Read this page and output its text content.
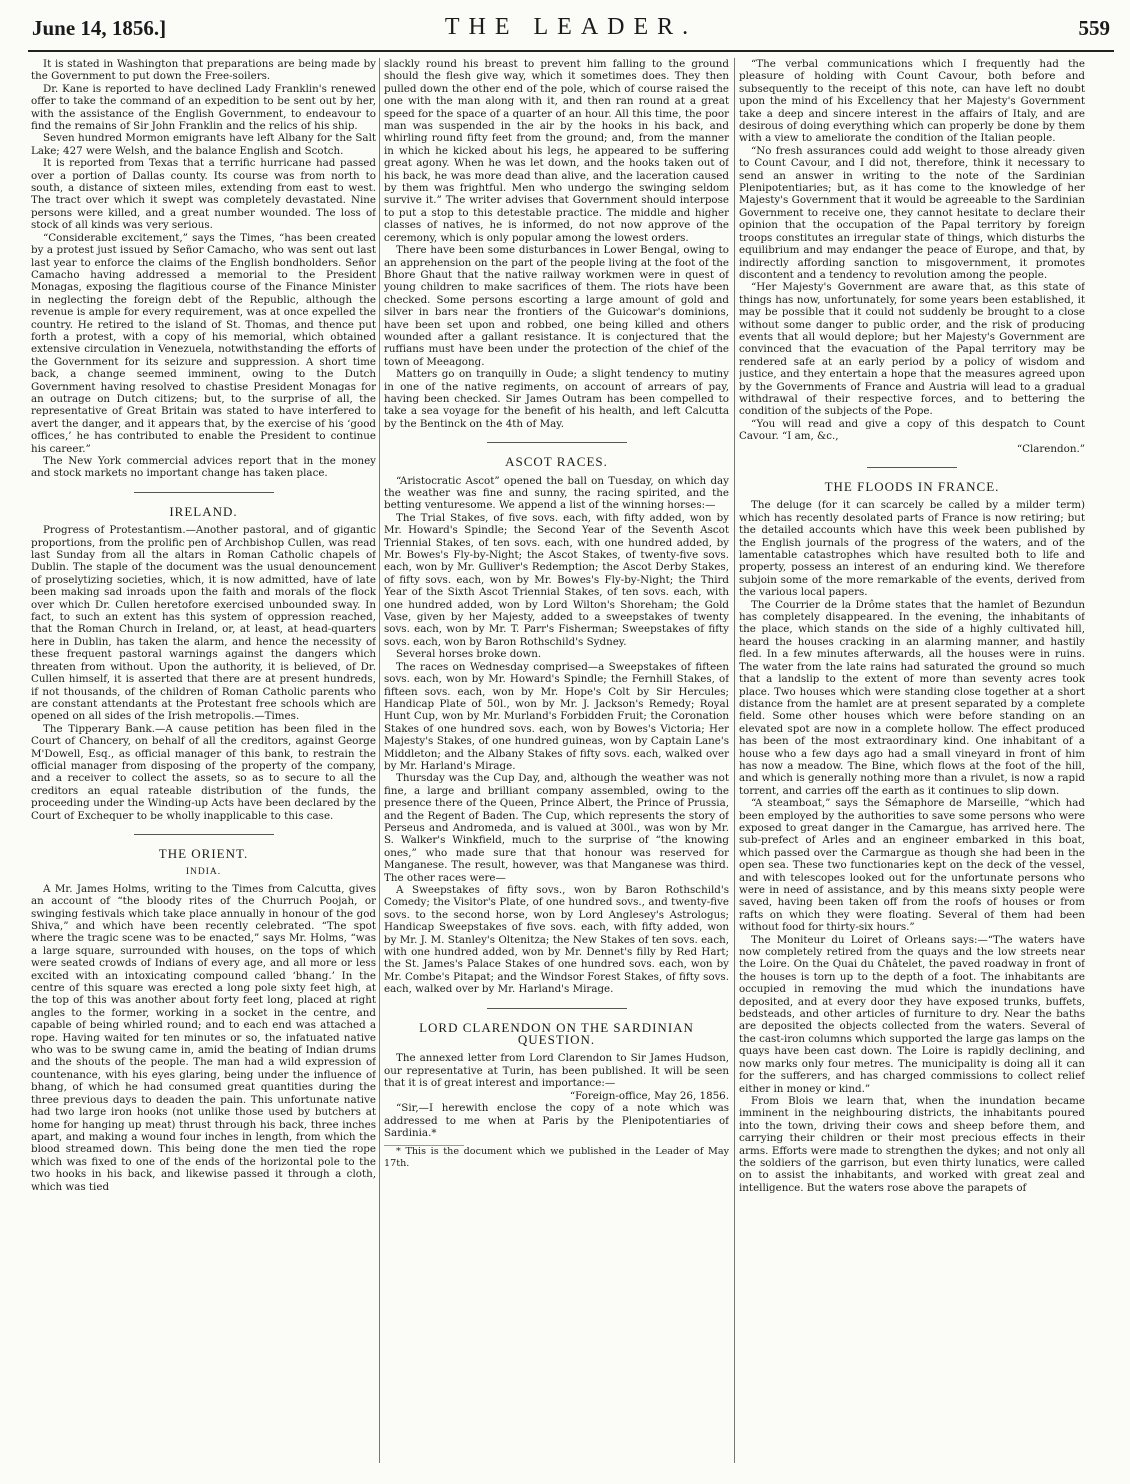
June 14, 1856.]	THE LEADER.	559

It is stated in Washington that preparations are being made by the Government to put down the Free-soilers.

Dr. Kane is reported to have declined Lady Franklin's renewed offer to take the command of an expedition to be sent out by her, with the assistance of the English Government, to endeavour to find the remains of Sir John Franklin and the relics of his ship.

Seven hundred Mormon emigrants have left Albany for the Salt Lake; 427 were Welsh, and the balance English and Scotch.

It is reported from Texas that a terrific hurricane had passed over a portion of Dallas county. Its course was from north to south, a distance of sixteen miles, extending from east to west. The tract over which it swept was completely devastated. Nine persons were killed, and a great number wounded. The loss of stock of all kinds was very serious.

“Considerable excitement,” says the Times, “has been created by a protest just issued by Señor Camacho, who was sent out last last year to enforce the claims of the English bondholders. Señor Camacho having addressed a memorial to the President Monagas, exposing the flagitious course of the Finance Minister in neglecting the foreign debt of the Republic, although the revenue is ample for every requirement, was at once expelled the country. He retired to the island of St. Thomas, and thence put forth a protest, with a copy of his memorial, which obtained extensive circulation in Venezuela, notwithstanding the efforts of the Government for its seizure and suppression. A short time back, a change seemed imminent, owing to the Dutch Government having resolved to chastise President Monagas for an outrage on Dutch citizens; but, to the surprise of all, the representative of Great Britain was stated to have interfered to avert the danger, and it appears that, by the exercise of his ‘good offices,’ he has contributed to enable the President to continue his career.”

The New York commercial advices report that in the money and stock markets no important change has taken place.

IRELAND.

Progress of Protestantism.—Another pastoral, and of gigantic proportions, from the prolific pen of Archbishop Cullen, was read last Sunday from all the altars in Roman Catholic chapels of Dublin. The staple of the document was the usual denouncement of proselytizing societies, which, it is now admitted, have of late been making sad inroads upon the faith and morals of the flock over which Dr. Cullen heretofore exercised unbounded sway. In fact, to such an extent has this system of oppression reached, that the Roman Church in Ireland, or, at least, at head-quarters here in Dublin, has taken the alarm, and hence the necessity of these frequent pastoral warnings against the dangers which threaten from without. Upon the authority, it is believed, of Dr. Cullen himself, it is asserted that there are at present hundreds, if not thousands, of the children of Roman Catholic parents who are constant attendants at the Protestant free schools which are opened on all sides of the Irish metropolis.—Times.

The Tipperary Bank.—A cause petition has been filed in the Court of Chancery, on behalf of all the creditors, against George M'Dowell, Esq., as official manager of this bank, to restrain the official manager from disposing of the property of the company, and a receiver to collect the assets, so as to secure to all the creditors an equal rateable distribution of the funds, the proceeding under the Winding-up Acts have been declared by the Court of Exchequer to be wholly inapplicable to this case.

THE ORIENT.
INDIA.

A Mr. James Holms, writing to the Times from Calcutta, gives an account of “the bloody rites of the Churruch Poojah, or swinging festivals which take place annually in honour of the god Shiva,” and which have been recently celebrated. “The spot where the tragic scene was to be enacted,” says Mr. Holms, “was a large square, surrounded with houses, on the tops of which were seated crowds of Indians of every age, and all more or less excited with an intoxicating compound called ‘bhang.’ In the centre of this square was erected a long pole sixty feet high, at the top of this was another about forty feet long, placed at right angles to the former, working in a socket in the centre, and capable of being whirled round; and to each end was attached a rope. Having waited for ten minutes or so, the infatuated native who was to be swung came in, amid the beating of Indian drums and the shouts of the people. The man had a wild expression of countenance, with his eyes glaring, being under the influence of bhang, of which he had consumed great quantities during the three previous days to deaden the pain. This unfortunate native had two large iron hooks (not unlike those used by butchers at home for hanging up meat) thrust through his back, three inches apart, and making a wound four inches in length, from which the blood streamed down. This being done the men tied the rope which was fixed to one of the ends of the horizontal pole to the two hooks in his back, and likewise passed it through a cloth, which was tied

slackly round his breast to prevent him falling to the ground should the flesh give way, which it sometimes does. They then pulled down the other end of the pole, which of course raised the one with the man along with it, and then ran round at a great speed for the space of a quarter of an hour. All this time, the poor man was suspended in the air by the hooks in his back, and whirling round fifty feet from the ground; and, from the manner in which he kicked about his legs, he appeared to be suffering great agony. When he was let down, and the hooks taken out of his back, he was more dead than alive, and the laceration caused by them was frightful. Men who undergo the swinging seldom survive it.” The writer advises that Government should interpose to put a stop to this detestable practice. The middle and higher classes of natives, he is informed, do not now approve of the ceremony, which is only popular among the lowest orders.

There have been some disturbances in Lower Bengal, owing to an apprehension on the part of the people living at the foot of the Bhore Ghaut that the native railway workmen were in quest of young children to make sacrifices of them. The riots have been checked. Some persons escorting a large amount of gold and silver in bars near the frontiers of the Guicowar's dominions, have been set upon and robbed, one being killed and others wounded after a gallant resistance. It is conjectured that the ruffians must have been under the protection of the chief of the town of Meeagong.

Matters go on tranquilly in Oude; a slight tendency to mutiny in one of the native regiments, on account of arrears of pay, having been checked. Sir James Outram has been compelled to take a sea voyage for the benefit of his health, and left Calcutta by the Bentinck on the 4th of May.

ASCOT RACES.

“Aristocratic Ascot” opened the ball on Tuesday, on which day the weather was fine and sunny, the racing spirited, and the betting venturesome. We append a list of the winning horses:—

The Trial Stakes, of five sovs. each, with fifty added, won by Mr. Howard's Spindle; the Second Year of the Seventh Ascot Triennial Stakes, of ten sovs. each, with one hundred added, by Mr. Bowes's Fly-by-Night; the Ascot Stakes, of twenty-five sovs. each, won by Mr. Gulliver's Redemption; the Ascot Derby Stakes, of fifty sovs. each, won by Mr. Bowes's Fly-by-Night; the Third Year of the Sixth Ascot Triennial Stakes, of ten sovs. each, with one hundred added, won by Lord Wilton's Shoreham; the Gold Vase, given by her Majesty, added to a sweepstakes of twenty sovs. each, won by Mr. T. Parr's Fisherman; Sweepstakes of fifty sovs. each, won by Baron Rothschild's Sydney.

Several horses broke down.

The races on Wednesday comprised—a Sweepstakes of fifteen sovs. each, won by Mr. Howard's Spindle; the Fernhill Stakes, of fifteen sovs. each, won by Mr. Hope's Colt by Sir Hercules; Handicap Plate of 50l., won by Mr. J. Jackson's Remedy; Royal Hunt Cup, won by Mr. Murland's Forbidden Fruit; the Coronation Stakes of one hundred sovs. each, won by Bowes's Victoria; Her Majesty's Stakes, of one hundred guineas, won by Captain Lane's Middleton; and the Albany Stakes of fifty sovs. each, walked over by Mr. Harland's Mirage.

Thursday was the Cup Day, and, although the weather was not fine, a large and brilliant company assembled, owing to the presence there of the Queen, Prince Albert, the Prince of Prussia, and the Regent of Baden. The Cup, which represents the story of Perseus and Andromeda, and is valued at 300l., was won by Mr. S. Walker's Winkfield, much to the surprise of “the knowing ones,” who made sure that that honour was reserved for Manganese. The result, however, was that Manganese was third. The other races were—

A Sweepstakes of fifty sovs., won by Baron Rothschild's Comedy; the Visitor's Plate, of one hundred sovs., and twenty-five sovs. to the second horse, won by Lord Anglesey's Astrologus; Handicap Sweepstakes of five sovs. each, with fifty added, won by Mr. J. M. Stanley's Oltenitza; the New Stakes of ten sovs. each, with one hundred added, won by Mr. Dennet's filly by Red Hart; the St. James's Palace Stakes of one hundred sovs. each, won by Mr. Combe's Pitapat; and the Windsor Forest Stakes, of fifty sovs. each, walked over by Mr. Harland's Mirage.

LORD CLARENDON ON THE SARDINIAN QUESTION.

The annexed letter from Lord Clarendon to Sir James Hudson, our representative at Turin, has been published. It will be seen that it is of great interest and importance:—

“Foreign-office, May 26, 1856.

“Sir,—I herewith enclose the copy of a note which was addressed to me when at Paris by the Plenipotentiaries of Sardinia.*

* This is the document which we published in the Leader of May 17th.

“The verbal communications which I frequently had the pleasure of holding with Count Cavour, both before and subsequently to the receipt of this note, can have left no doubt upon the mind of his Excellency that her Majesty's Government take a deep and sincere interest in the affairs of Italy, and are desirous of doing everything which can properly be done by them with a view to ameliorate the condition of the Italian people.

“No fresh assurances could add weight to those already given to Count Cavour, and I did not, therefore, think it necessary to send an answer in writing to the note of the Sardinian Plenipotentiaries; but, as it has come to the knowledge of her Majesty's Government that it would be agreeable to the Sardinian Government to receive one, they cannot hesitate to declare their opinion that the occupation of the Papal territory by foreign troops constitutes an irregular state of things, which disturbs the equilibrium and may endanger the peace of Europe, and that, by indirectly affording sanction to misgovernment, it promotes discontent and a tendency to revolution among the people.

“Her Majesty's Government are aware that, as this state of things has now, unfortunately, for some years been established, it may be possible that it could not suddenly be brought to a close without some danger to public order, and the risk of producing events that all would deplore; but her Majesty's Government are convinced that the evacuation of the Papal territory may be rendered safe at an early period by a policy of wisdom and justice, and they entertain a hope that the measures agreed upon by the Governments of France and Austria will lead to a gradual withdrawal of their respective forces, and to bettering the condition of the subjects of the Pope.

“You will read and give a copy of this despatch to Count Cavour. “I am, &c.,

“Clarendon.”

THE FLOODS IN FRANCE.

The deluge (for it can scarcely be called by a milder term) which has recently desolated parts of France is now retiring; but the detailed accounts which have this week been published by the English journals of the progress of the waters, and of the lamentable catastrophes which have resulted both to life and property, possess an interest of an enduring kind. We therefore subjoin some of the more remarkable of the events, derived from the various local papers.

The Courrier de la Drôme states that the hamlet of Bezundun has completely disappeared. In the evening, the inhabitants of the place, which stands on the side of a highly cultivated hill, heard the houses cracking in an alarming manner, and hastily fled. In a few minutes afterwards, all the houses were in ruins. The water from the late rains had saturated the ground so much that a landslip to the extent of more than seventy acres took place. Two houses which were standing close together at a short distance from the hamlet are at present separated by a complete field. Some other houses which were before standing on an elevated spot are now in a complete hollow. The effect produced has been of the most extraordinary kind. One inhabitant of a house who a few days ago had a small vineyard in front of him has now a meadow. The Bine, which flows at the foot of the hill, and which is generally nothing more than a rivulet, is now a rapid torrent, and carries off the earth as it continues to slip down.

“A steamboat,” says the Sémaphore de Marseille, “which had been employed by the authorities to save some persons who were exposed to great danger in the Camargue, has arrived here. The sub-prefect of Arles and an engineer embarked in this boat, which passed over the Carmargue as though she had been in the open sea. These two functionaries kept on the deck of the vessel, and with telescopes looked out for the unfortunate persons who were in need of assistance, and by this means sixty people were saved, having been taken off from the roofs of houses or from rafts on which they were floating. Several of them had been without food for thirty-six hours.”

The Moniteur du Loiret of Orleans says:—“The waters have now completely retired from the quays and the low streets near the Loire. On the Quai du Châtelet, the paved roadway in front of the houses is torn up to the depth of a foot. The inhabitants are occupied in removing the mud which the inundations have deposited, and at every door they have exposed trunks, buffets, bedsteads, and other articles of furniture to dry. Near the baths are deposited the objects collected from the waters. Several of the cast-iron columns which supported the large gas lamps on the quays have been cast down. The Loire is rapidly declining, and now marks only four metres. The municipality is doing all it can for the sufferers, and has charged commissions to collect relief either in money or kind.”

From Blois we learn that, when the inundation became imminent in the neighbouring districts, the inhabitants poured into the town, driving their cows and sheep before them, and carrying their children or their most precious effects in their arms. Efforts were made to strengthen the dykes; and not only all the soldiers of the garrison, but even thirty lunatics, were called on to assist the inhabitants, and worked with great zeal and intelligence. But the waters rose above the parapets of
